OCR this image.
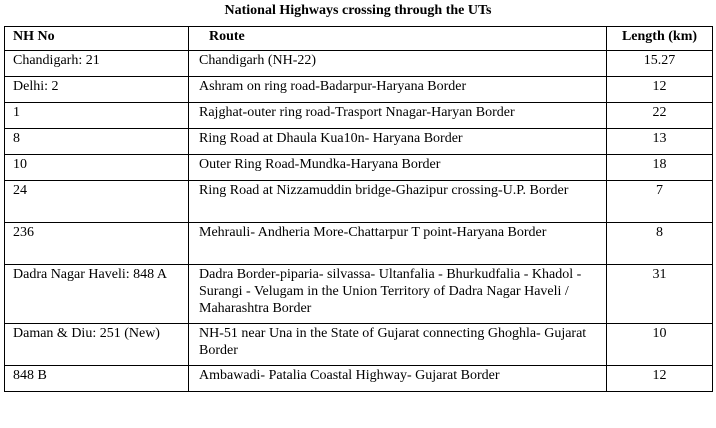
National Highways crossing through the UTs
NH No	Route	Length (km)
Chandigarh: 21	Chandigarh (NH-22)	15.27
Delhi: 2	Ashram on ring road-Badarpur-Haryana Border	12
1	Rajghat-outer ring road-Trasport Nnagar-Haryan Border	22
8	Ring Road at Dhaula Kua10n- Haryana Border	13
10	Outer Ring Road-Mundka-Haryana Border	18
24	Ring Road at Nizzamuddin bridge-Ghazipur crossing-U.P. Border	7
236	Mehrauli- Andheria More-Chattarpur T point-Haryana Border	8
Dadra Nagar Haveli: 848 A	Dadra Border-piparia- silvassa- Ultanfalia - Bhurkudfalia - Khadol - Surangi - Velugam in the Union Territory of Dadra Nagar Haveli / Maharashtra Border	31
Daman & Diu: 251 (New)	NH-51 near Una in the State of Gujarat connecting Ghoghla- Gujarat Border	10
848 B	Ambawadi- Patalia Coastal Highway- Gujarat Border	12
